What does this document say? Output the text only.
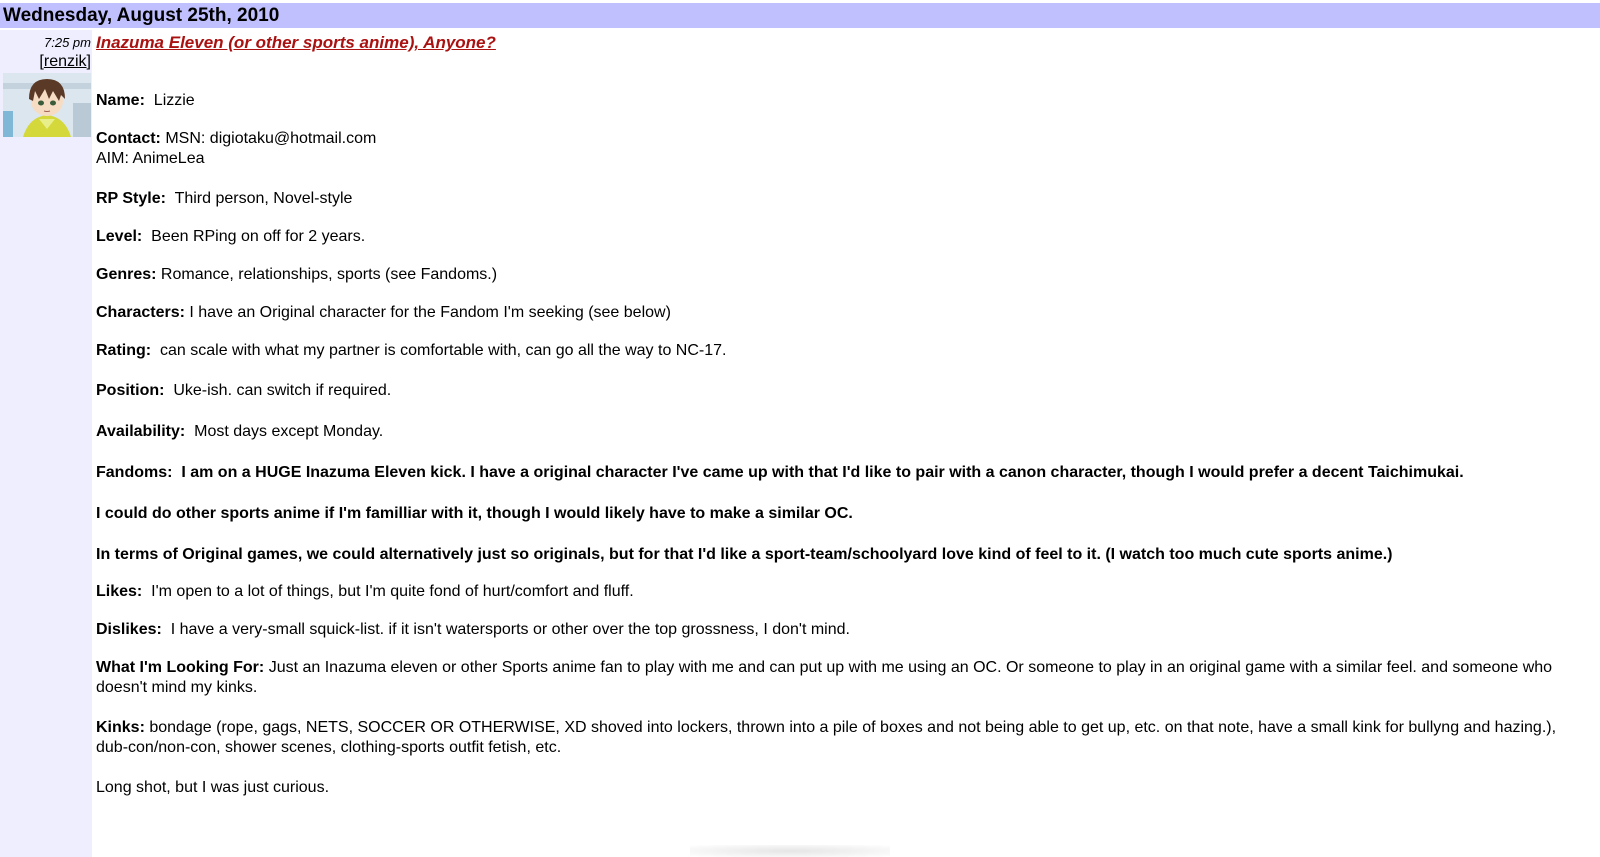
Wednesday, August 25th, 2010
7:25 pm
[renzik]
Inazuma Eleven (or other sports anime), Anyone?
Name: Lizzie
Contact: MSN: digiotaku@hotmail.com
AIM: AnimeLea
RP Style: Third person, Novel-style
Level: Been RPing on off for 2 years.
Genres: Romance, relationships, sports (see Fandoms.)
Characters: I have an Original character for the Fandom I'm seeking (see below)
Rating: can scale with what my partner is comfortable with, can go all the way to NC-17.
Position: Uke-ish. can switch if required.
Availability: Most days except Monday.
Fandoms: I am on a HUGE Inazuma Eleven kick. I have a original character I've came up with that I'd like to pair with a canon character, though I would prefer a decent Taichimukai.
I could do other sports anime if I'm familliar with it, though I would likely have to make a similar OC.
In terms of Original games, we could alternatively just so originals, but for that I'd like a sport-team/schoolyard love kind of feel to it. (I watch too much cute sports anime.)
Likes: I'm open to a lot of things, but I'm quite fond of hurt/comfort and fluff.
Dislikes: I have a very-small squick-list. if it isn't watersports or other over the top grossness, I don't mind.
What I'm Looking For: Just an Inazuma eleven or other Sports anime fan to play with me and can put up with me using an OC. Or someone to play in an original game with a similar feel. and someone who doesn't mind my kinks.
Kinks: bondage (rope, gags, NETS, SOCCER OR OTHERWISE, XD shoved into lockers, thrown into a pile of boxes and not being able to get up, etc. on that note, have a small kink for bullyng and hazing.), dub-con/non-con, shower scenes, clothing-sports outfit fetish, etc.
Long shot, but I was just curious.
